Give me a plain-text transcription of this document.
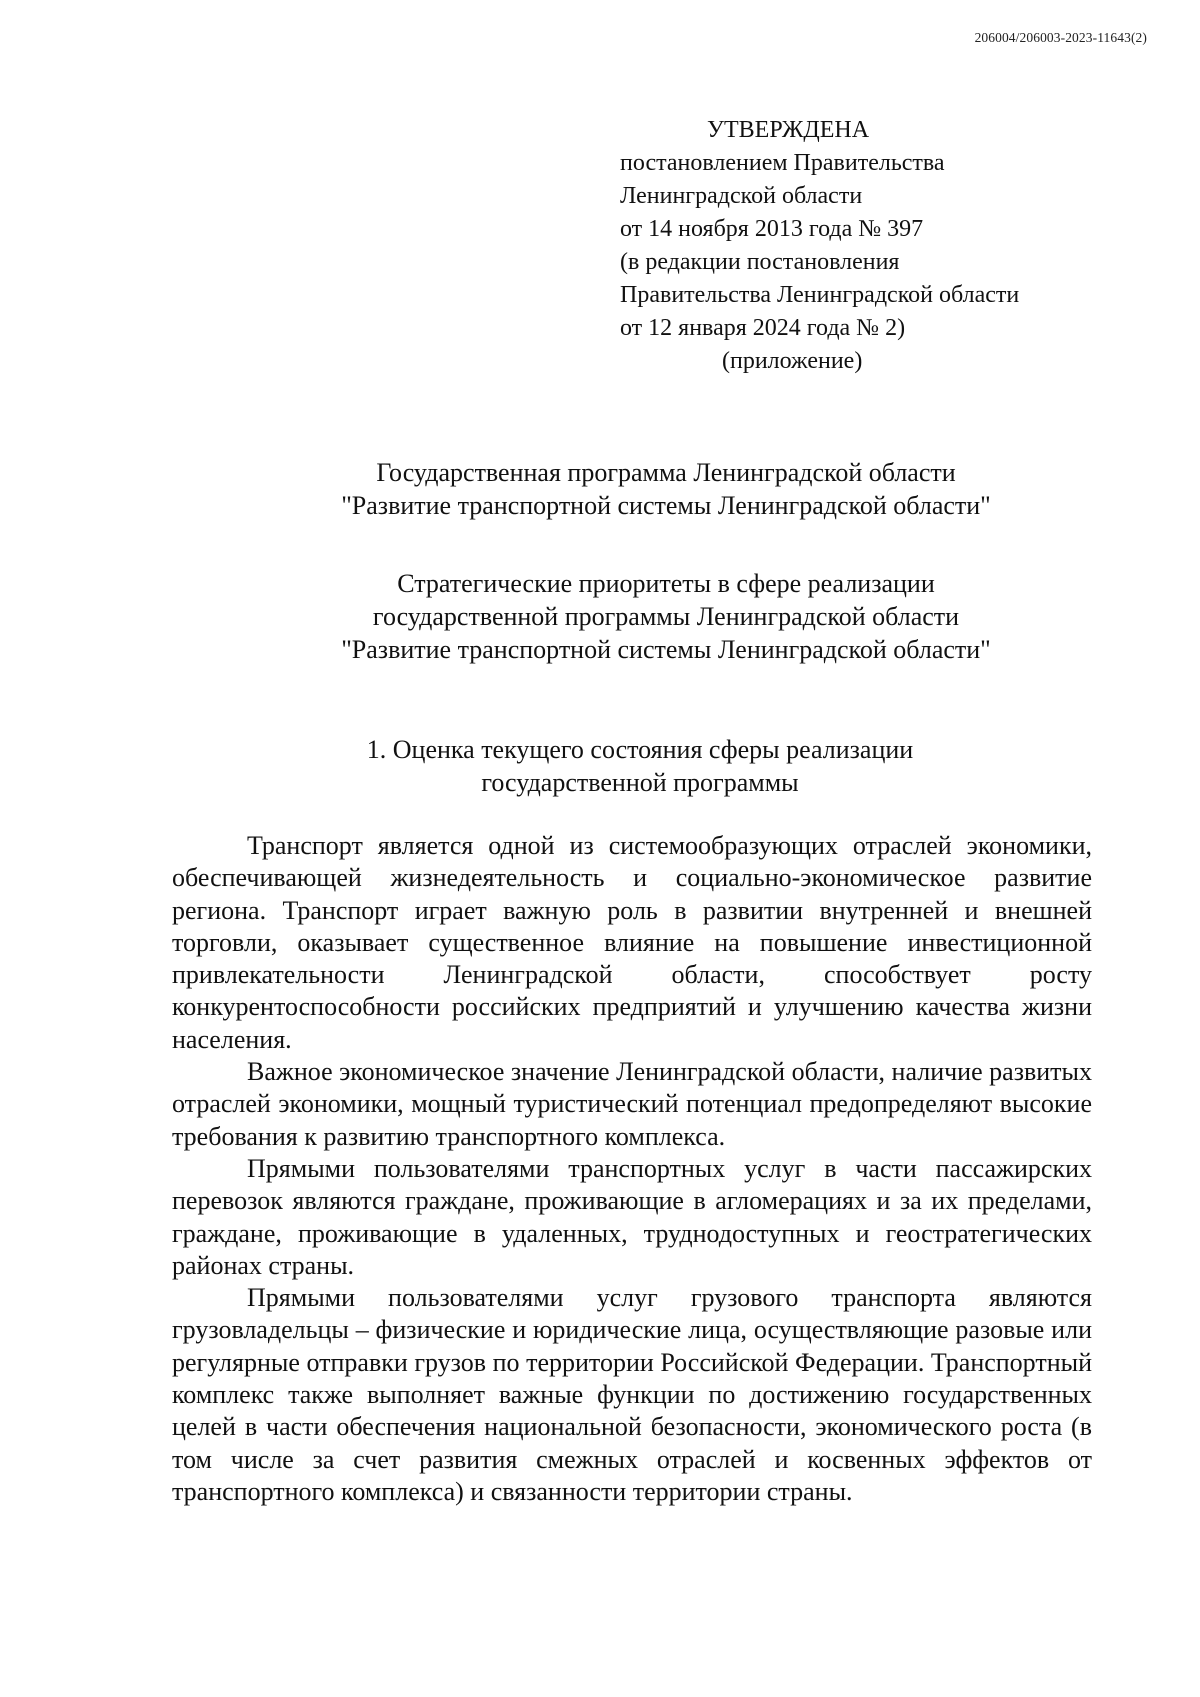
206004/206003-2023-11643(2)
УТВЕРЖДЕНА
постановлением Правительства
Ленинградской области
от 14 ноября 2013 года № 397
(в редакции постановления
Правительства Ленинградской области
от 12 января 2024 года № 2)
(приложение)
Государственная программа Ленинградской области
"Развитие транспортной системы Ленинградской области"
Стратегические приоритеты в сфере реализации
государственной программы Ленинградской области
"Развитие транспортной системы Ленинградской области"
1. Оценка текущего состояния сферы реализации
государственной программы

Транспорт является одной из системообразующих отраслей экономики, обеспечивающей жизнедеятельность и социально-экономическое развитие региона. Транспорт играет важную роль в развитии внутренней и внешней торговли, оказывает существенное влияние на повышение инвестиционной привлекательности Ленинградской области, способствует росту конкурентоспособности российских предприятий и улучшению качества жизни населения.

Важное экономическое значение Ленинградской области, наличие развитых отраслей экономики, мощный туристический потенциал предопределяют высокие требования к развитию транспортного комплекса.

Прямыми пользователями транспортных услуг в части пассажирских перевозок являются граждане, проживающие в агломерациях и за их пределами, граждане, проживающие в удаленных, труднодоступных и геостратегических районах страны.

Прямыми пользователями услуг грузового транспорта являются грузовладельцы – физические и юридические лица, осуществляющие разовые или регулярные отправки грузов по территории Российской Федерации. Транспортный комплекс также выполняет важные функции по достижению государственных целей в части обеспечения национальной безопасности, экономического роста (в том числе за счет развития смежных отраслей и косвенных эффектов от транспортного комплекса) и связанности территории страны.
